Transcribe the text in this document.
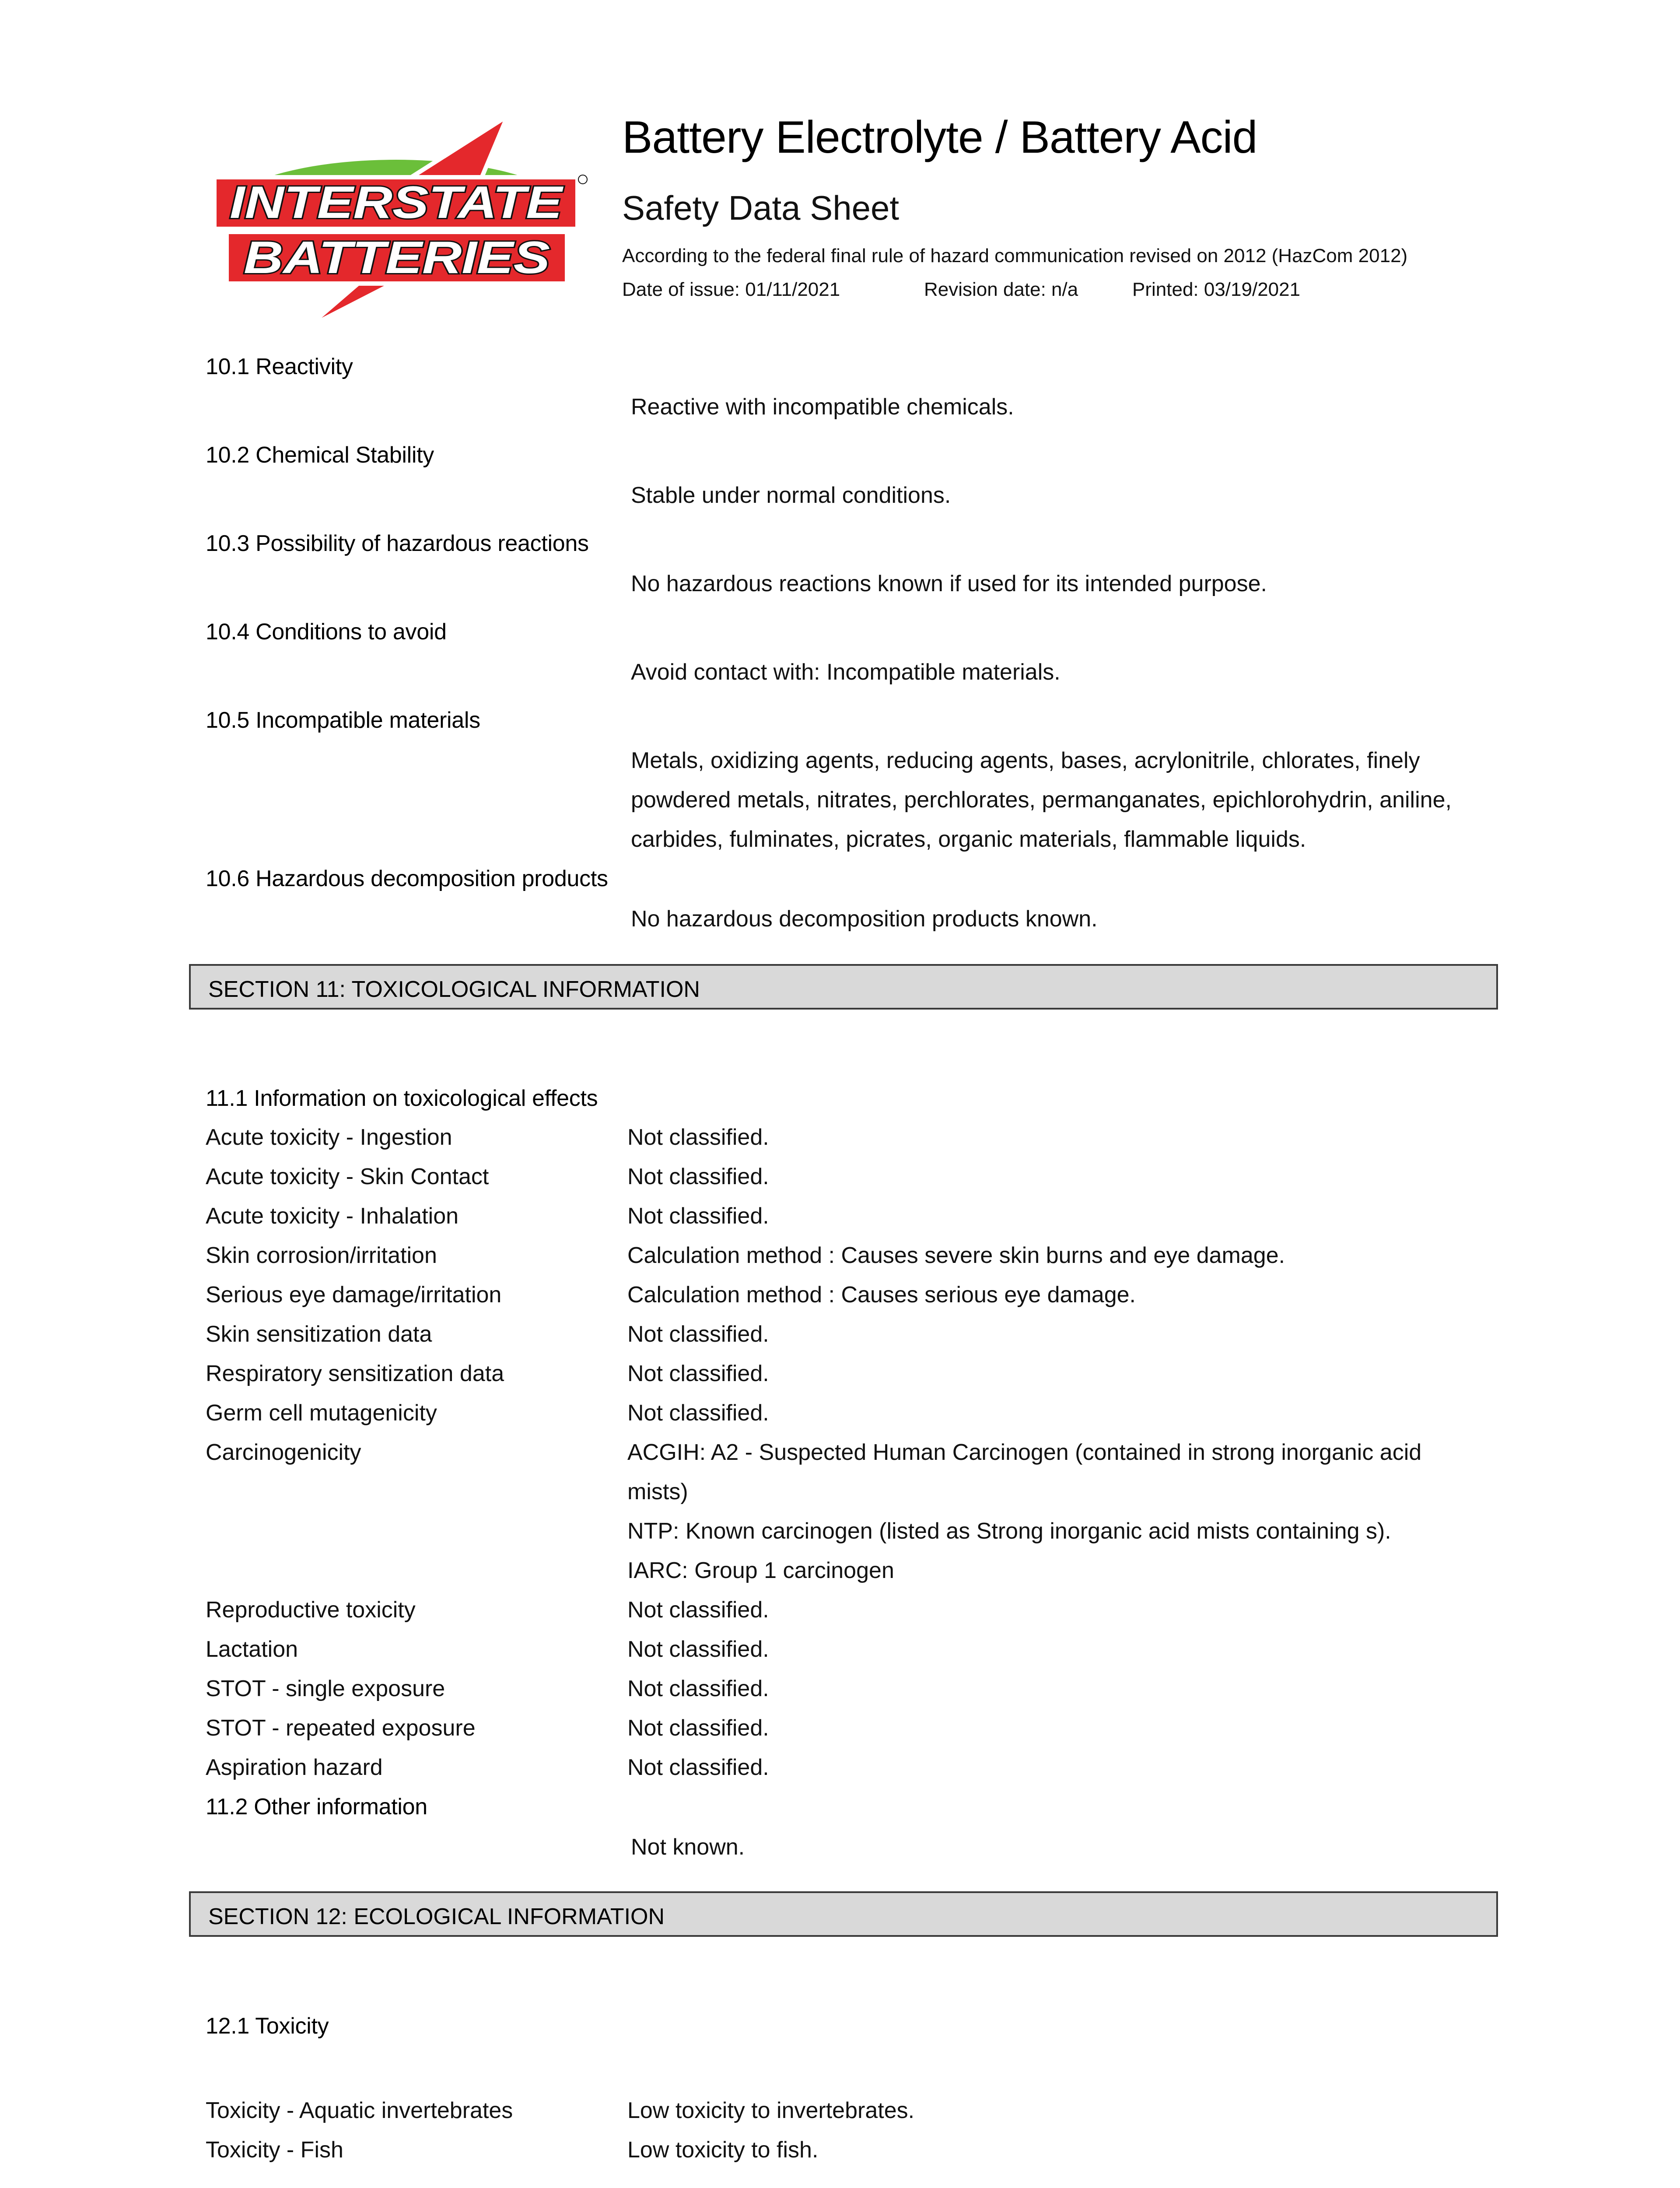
INTERSTATE
BATTERIES
Battery Electrolyte / Battery Acid
Safety Data Sheet
According to the federal final rule of hazard communication revised on 2012 (HazCom 2012)
Date of issue: 01/11/2021	Revision date: n/a	Printed: 03/19/2021
10.1 Reactivity
Reactive with incompatible chemicals.
10.2 Chemical Stability
Stable under normal conditions.
10.3 Possibility of hazardous reactions
No hazardous reactions known if used for its intended purpose.
10.4 Conditions to avoid
Avoid contact with: Incompatible materials.
10.5 Incompatible materials
Metals, oxidizing agents, reducing agents, bases, acrylonitrile, chlorates, finely
powdered metals, nitrates, perchlorates, permanganates, epichlorohydrin, aniline,
carbides, fulminates, picrates, organic materials, flammable liquids.
10.6 Hazardous decomposition products
No hazardous decomposition products known.
SECTION 11: TOXICOLOGICAL INFORMATION
11.1 Information on toxicological effects
Acute toxicity - Ingestion	Not classified.
Acute toxicity - Skin Contact	Not classified.
Acute toxicity - Inhalation	Not classified.
Skin corrosion/irritation	Calculation method : Causes severe skin burns and eye damage.
Serious eye damage/irritation	Calculation method : Causes serious eye damage.
Skin sensitization data	Not classified.
Respiratory sensitization data	Not classified.
Germ cell mutagenicity	Not classified.
Carcinogenicity	ACGIH: A2 - Suspected Human Carcinogen (contained in strong inorganic acid
mists)
NTP: Known carcinogen (listed as Strong inorganic acid mists containing s).
IARC: Group 1 carcinogen
Reproductive toxicity	Not classified.
Lactation	Not classified.
STOT - single exposure	Not classified.
STOT - repeated exposure	Not classified.
Aspiration hazard	Not classified.
11.2 Other information
Not known.
SECTION 12: ECOLOGICAL INFORMATION
12.1 Toxicity
Toxicity - Aquatic invertebrates	Low toxicity to invertebrates.
Toxicity - Fish	Low toxicity to fish.
